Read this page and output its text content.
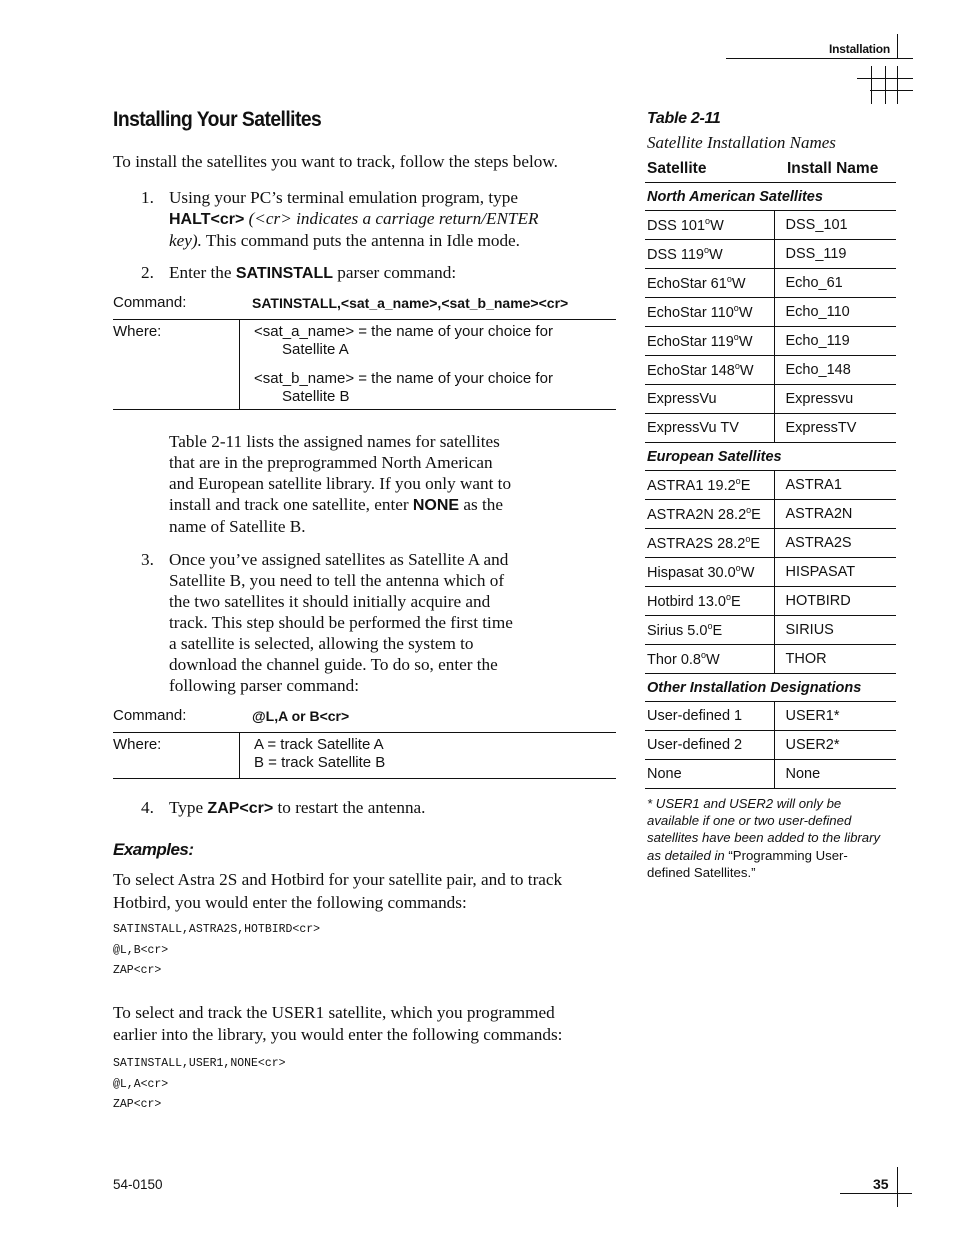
Installation
Installing Your Satellites
To install the satellites you want to track, follow the steps below.
1. Using your PC’s terminal emulation program, type
HALT<cr> (<cr> indicates a carriage return/ENTER
key). This command puts the antenna in Idle mode.
2. Enter the SATINSTALL parser command:
Command:	SATINSTALL,<sat_a_name>,<sat_b_name><cr>
Where:	<sat_a_name> = the name of your choice for
Satellite A
<sat_b_name> = the name of your choice for
Satellite B
Table 2-11 lists the assigned names for satellites
that are in the preprogrammed North American
and European satellite library. If you only want to
install and track one satellite, enter NONE as the
name of Satellite B.
3. Once you’ve assigned satellites as Satellite A and
Satellite B, you need to tell the antenna which of
the two satellites it should initially acquire and
track. This step should be performed the first time
a satellite is selected, allowing the system to
download the channel guide. To do so, enter the
following parser command:
Command:	@L,A or B<cr>
Where:	A = track Satellite A
B = track Satellite B
4. Type ZAP<cr> to restart the antenna.
Examples:
To select Astra 2S and Hotbird for your satellite pair, and to track
Hotbird, you would enter the following commands:
SATINSTALL,ASTRA2S,HOTBIRD<cr>
@L,B<cr>
ZAP<cr>
To select and track the USER1 satellite, which you programmed
earlier into the library, you would enter the following commands:
SATINSTALL,USER1,NONE<cr>
@L,A<cr>
ZAP<cr>
Table 2-11
Satellite Installation Names
Satellite	Install Name
North American Satellites	
DSS 101$^o$W	DSS_101
DSS 119$^o$W	DSS_119
EchoStar 61$^o$W	Echo_61
EchoStar 110$^o$W	Echo_110
EchoStar 119$^o$W	Echo_119
EchoStar 148$^o$W	Echo_148
ExpressVu	Expressvu
ExpressVu TV	ExpressTV
European Satellites	
ASTRA1 19.2$^o$E	ASTRA1
ASTRA2N 28.2$^o$E	ASTRA2N
ASTRA2S 28.2$^o$E	ASTRA2S
Hispasat 30.0$^o$W	HISPASAT
Hotbird 13.0$^o$E	HOTBIRD
Sirius 5.0$^o$E	SIRIUS
Thor 0.8$^o$W	THOR
Other Installation Designations	
User-defined 1	USER1*
User-defined 2	USER2*
None	None
* USER1 and USER2 will only be available if one or two user-defined satellites have been added to the library as detailed in “Programming User-defined Satellites.”
54-0150	35
